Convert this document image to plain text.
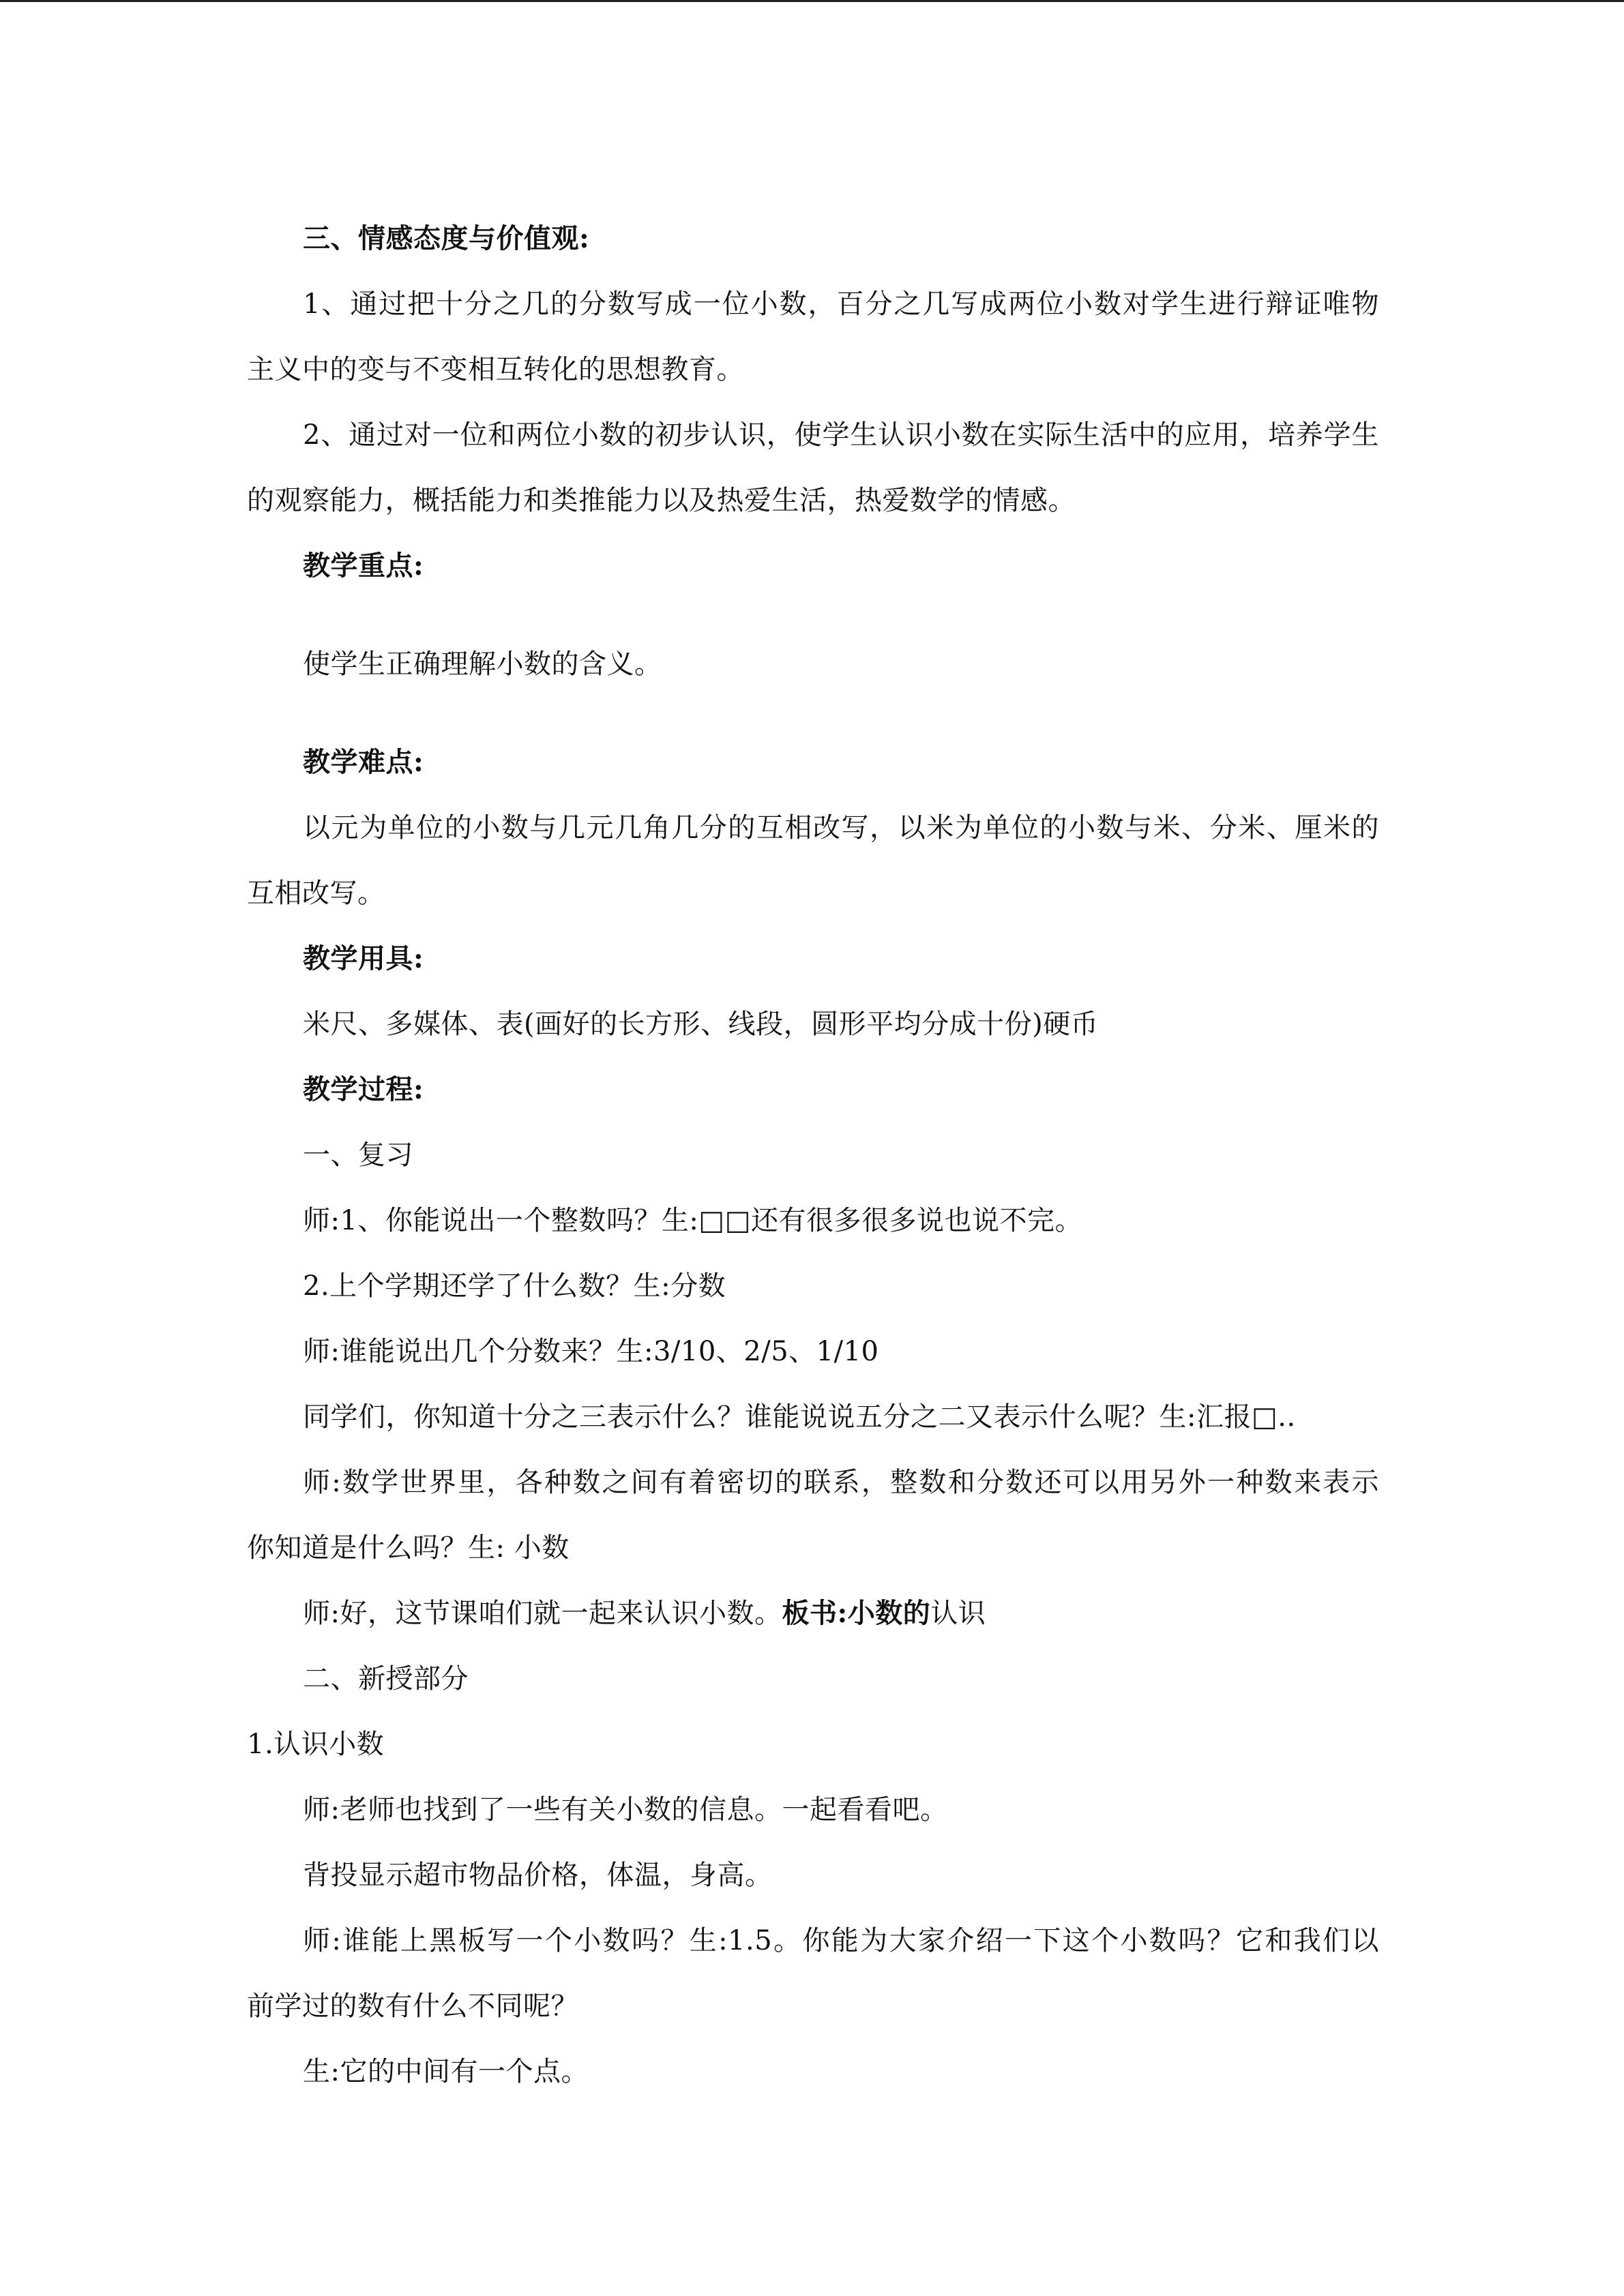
三、情感态度与价值观:
1、通过把十分之几的分数写成一位小数，百分之几写成两位小数对学生进行辩证唯物
主义中的变与不变相互转化的思想教育。
2、通过对一位和两位小数的初步认识，使学生认识小数在实际生活中的应用，培养学生
的观察能力，概括能力和类推能力以及热爱生活，热爱数学的情感。
教学重点:
使学生正确理解小数的含义。
教学难点:
以元为单位的小数与几元几角几分的互相改写，以米为单位的小数与米、分米、厘米的
互相改写。
教学用具:
米尺、多媒体、表(画好的长方形、线段，圆形平均分成十份)硬币
教学过程:
一、复习
师:1、你能说出一个整数吗？生:□□还有很多很多说也说不完。
2.上个学期还学了什么数？生:分数
师:谁能说出几个分数来？生:3/10、2/5、1/10
同学们，你知道十分之三表示什么？谁能说说五分之二又表示什么呢？生:汇报□..
师:数学世界里，各种数之间有着密切的联系，整数和分数还可以用另外一种数来表示
你知道是什么吗？生: 小数
师:好，这节课咱们就一起来认识小数。板书:小数的认识
二、新授部分
1.认识小数
师:老师也找到了一些有关小数的信息。一起看看吧。
背投显示超市物品价格，体温，身高。
师:谁能上黑板写一个小数吗？生:1.5。你能为大家介绍一下这个小数吗？它和我们以
前学过的数有什么不同呢？
生:它的中间有一个点。
